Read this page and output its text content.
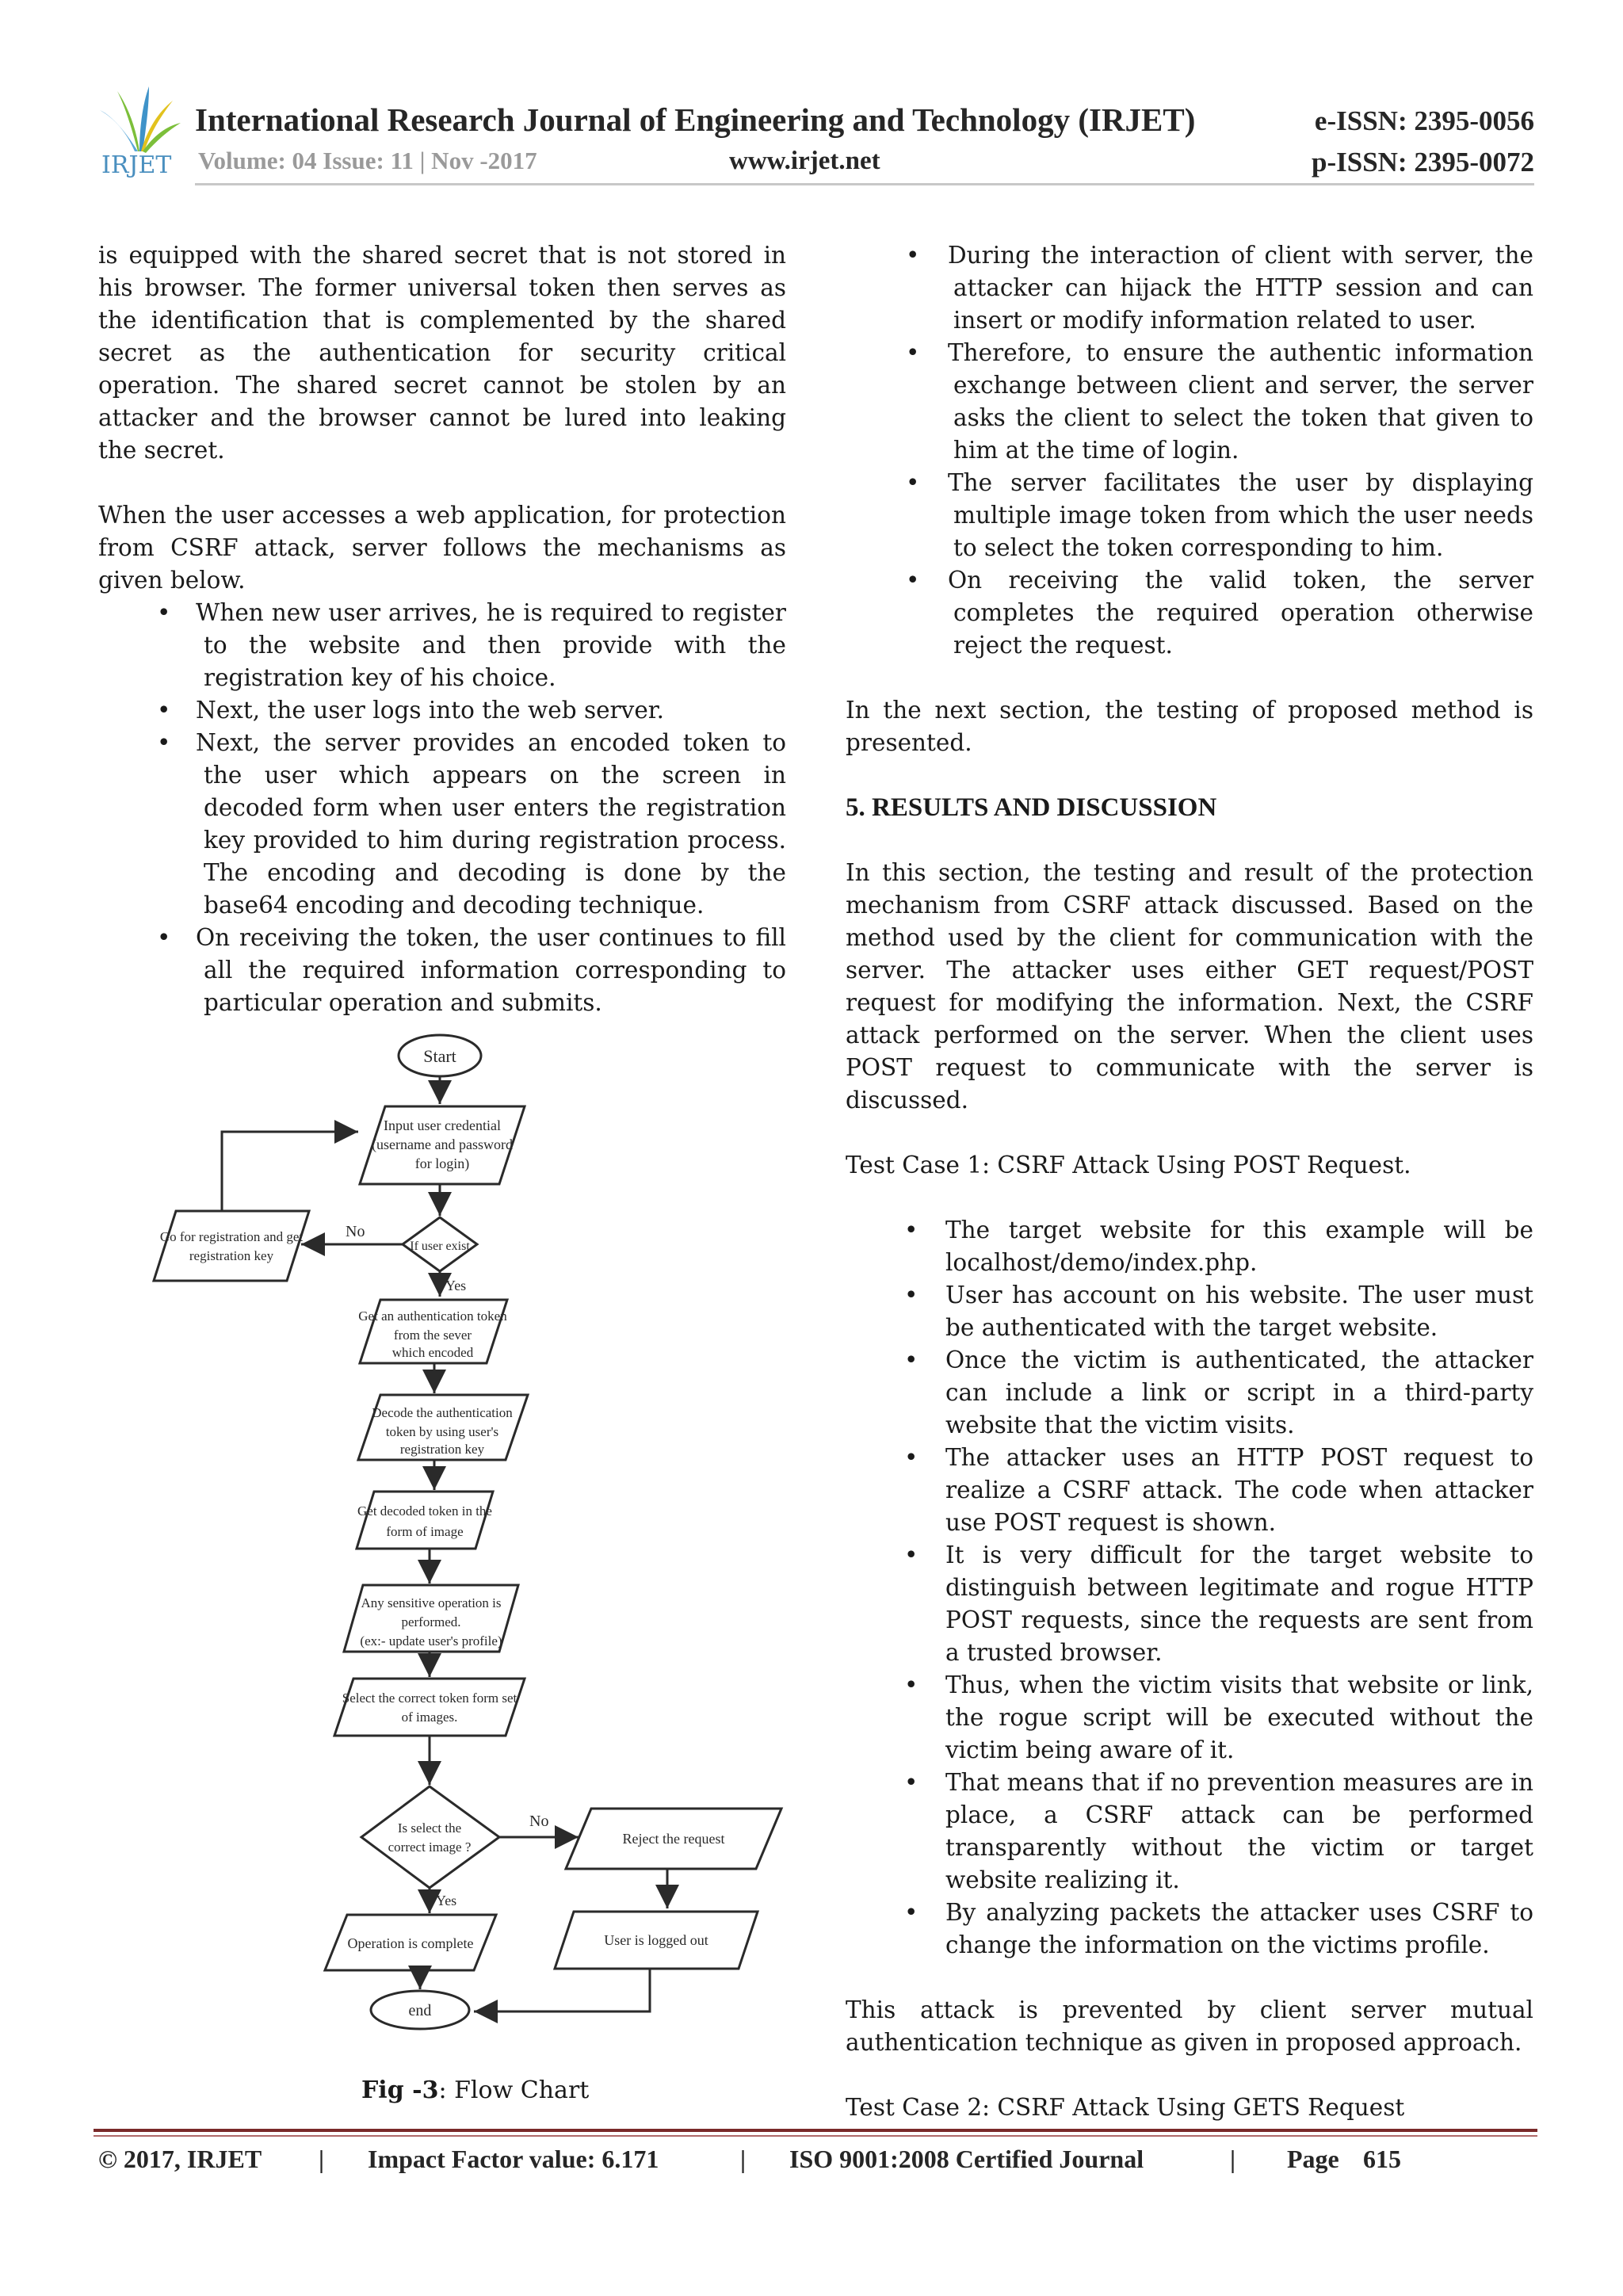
IRJET
International Research Journal of Engineering and Technology (IRJET)	e-ISSN: 2395-0056
Volume: 04 Issue: 11 | Nov -2017	www.irjet.net	p-ISSN: 2395-0072

is equipped with the shared secret that is not stored in his browser. The former universal token then serves as the identification that is complemented by the shared secret as the authentication for security critical operation. The shared secret cannot be stolen by an attacker and the browser cannot be lured into leaking the secret.

When the user accesses a web application, for protection from CSRF attack, server follows the mechanisms as given below.

• When new user arrives, he is required to register to the website and then provide with the registration key of his choice.
• Next, the user logs into the web server.
• Next, the server provides an encoded token to the user which appears on the screen in decoded form when user enters the registration key provided to him during registration process. The encoding and decoding is done by the base64 encoding and decoding technique.
• On receiving the token, the user continues to fill all the required information corresponding to particular operation and submits.
Start
Input user credential
(username and password
for login)
If user exist
Go for registration and get
registration key
Get an authentication token
from the sever
which encoded
Decode the authentication
token by using user's
registration key
Get decoded token in the
form of image
Any sensitive operation is
performed.
(ex:- update user's profile)
Select the correct token form set
of images.
Is select the
correct image ?
Reject the request
Operation is complete	User is logged out
end
No
Yes
No
Yes
Fig -3: Flow Chart
• During the interaction of client with server, the attacker can hijack the HTTP session and can insert or modify information related to user.
• Therefore, to ensure the authentic information exchange between client and server, the server asks the client to select the token that given to him at the time of login.
• The server facilitates the user by displaying multiple image token from which the user needs to select the token corresponding to him.
• On receiving the valid token, the server completes the required operation otherwise reject the request.

In the next section, the testing of proposed method is presented.

5. RESULTS AND DISCUSSION

In this section, the testing and result of the protection mechanism from CSRF attack discussed. Based on the method used by the client for communication with the server. The attacker uses either GET request/POST request for modifying the information. Next, the CSRF attack performed on the server. When the client uses POST request to communicate with the server is discussed.

Test Case 1: CSRF Attack Using POST Request.

• The target website for this example will be localhost/demo/index.php.
• User has account on his website. The user must be authenticated with the target website.
• Once the victim is authenticated, the attacker can include a link or script in a third-party website that the victim visits.
• The attacker uses an HTTP POST request to realize a CSRF attack. The code when attacker use POST request is shown.
• It is very difficult for the target website to distinguish between legitimate and rogue HTTP POST requests, since the requests are sent from a trusted browser.
• Thus, when the victim visits that website or link, the rogue script will be executed without the victim being aware of it.
• That means that if no prevention measures are in place, a CSRF attack can be performed transparently without the victim or target website realizing it.
• By analyzing packets the attacker uses CSRF to change the information on the victims profile.

This attack is prevented by client server mutual authentication technique as given in proposed approach.

Test Case 2: CSRF Attack Using GETS Request

© 2017, IRJET | Impact Factor value: 6.171	| ISO 9001:2008 Certified Journal	| Page 615
